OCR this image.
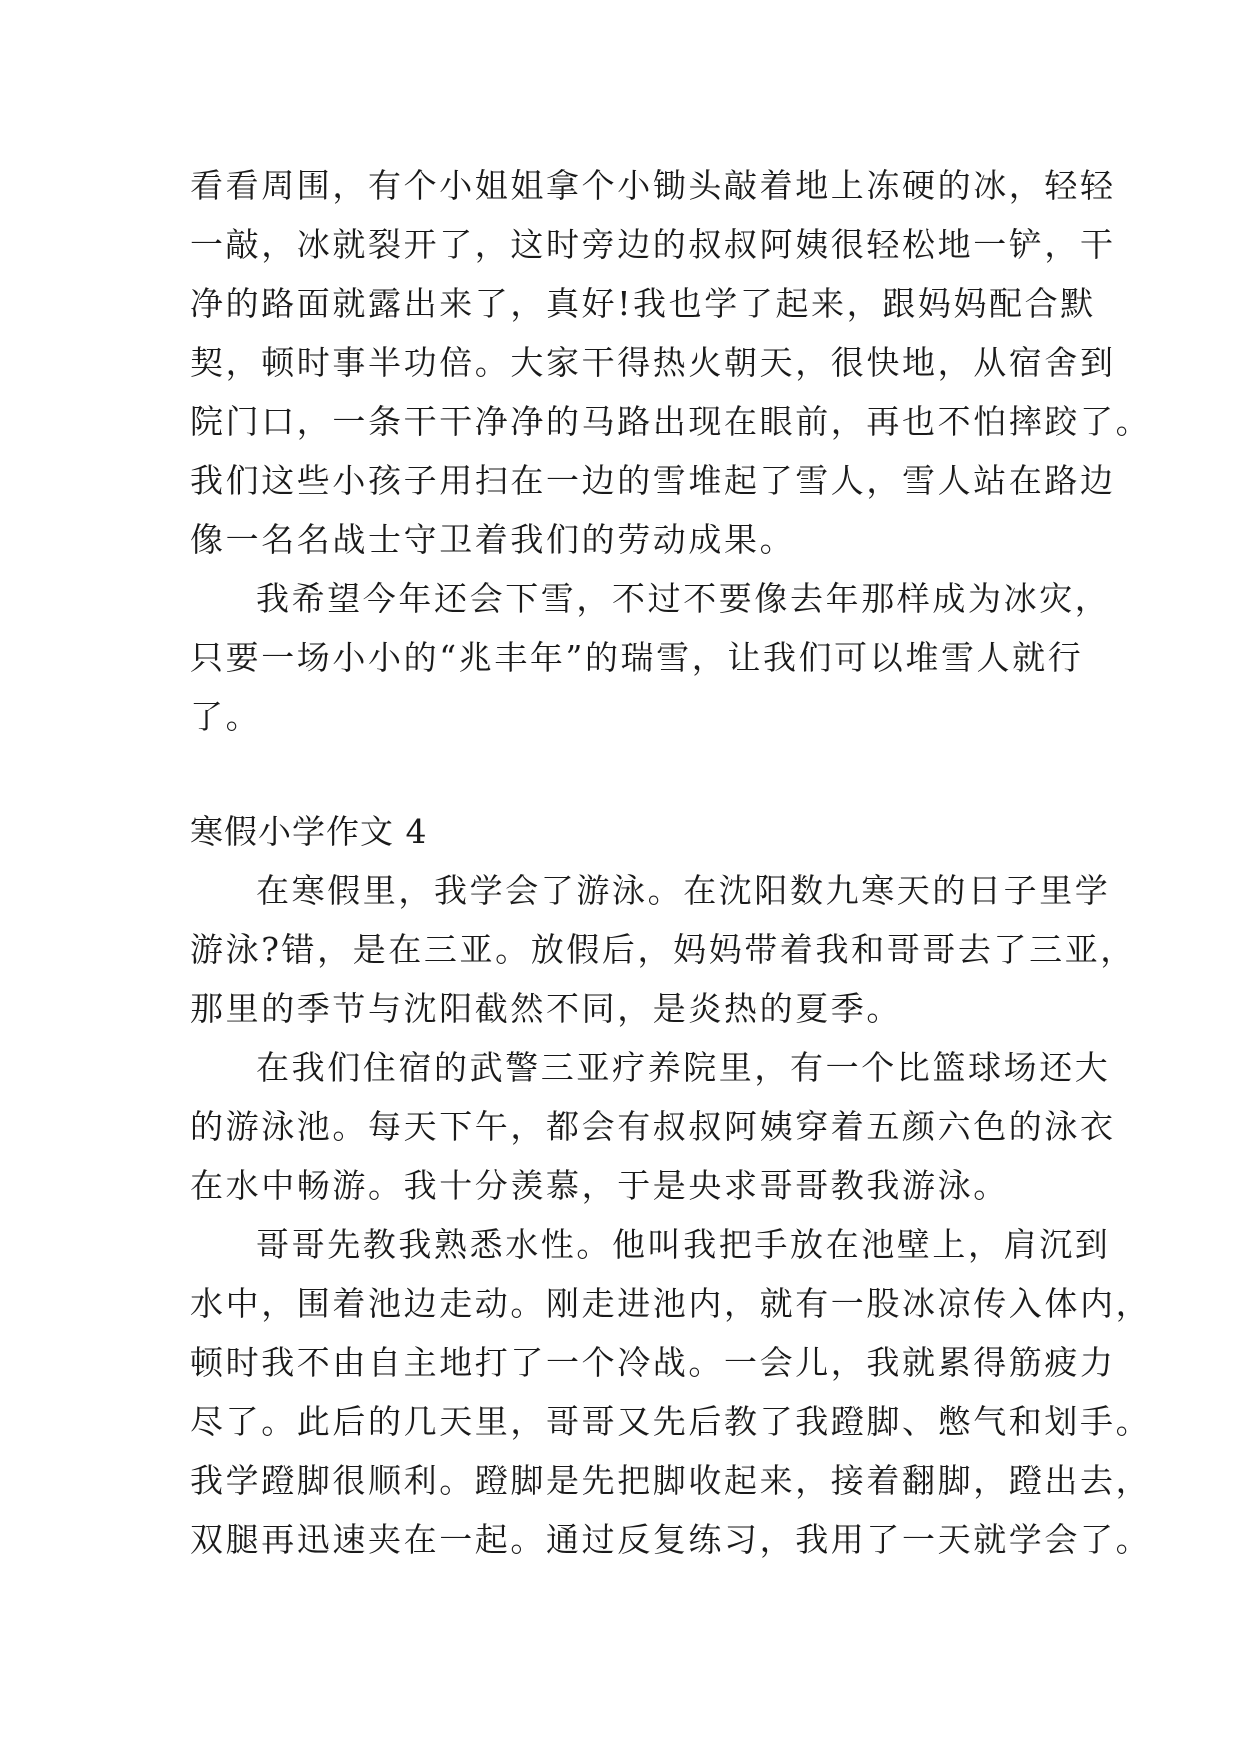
看看周围，有个小姐姐拿个小锄头敲着地上冻硬的冰，轻轻
一敲，冰就裂开了，这时旁边的叔叔阿姨很轻松地一铲，干
净的路面就露出来了，真好!我也学了起来，跟妈妈配合默
契，顿时事半功倍。大家干得热火朝天，很快地，从宿舍到
院门口，一条干干净净的马路出现在眼前，再也不怕摔跤了。
我们这些小孩子用扫在一边的雪堆起了雪人，雪人站在路边
像一名名战士守卫着我们的劳动成果。
我希望今年还会下雪，不过不要像去年那样成为冰灾，
只要一场小小的“兆丰年”的瑞雪，让我们可以堆雪人就行
了。
寒假小学作文 4
在寒假里，我学会了游泳。在沈阳数九寒天的日子里学
游泳?错，是在三亚。放假后，妈妈带着我和哥哥去了三亚，
那里的季节与沈阳截然不同，是炎热的夏季。
在我们住宿的武警三亚疗养院里，有一个比篮球场还大
的游泳池。每天下午，都会有叔叔阿姨穿着五颜六色的泳衣
在水中畅游。我十分羡慕，于是央求哥哥教我游泳。
哥哥先教我熟悉水性。他叫我把手放在池壁上，肩沉到
水中，围着池边走动。刚走进池内，就有一股冰凉传入体内，
顿时我不由自主地打了一个冷战。一会儿，我就累得筋疲力
尽了。此后的几天里，哥哥又先后教了我蹬脚、憋气和划手。
我学蹬脚很顺利。蹬脚是先把脚收起来，接着翻脚，蹬出去，
双腿再迅速夹在一起。通过反复练习，我用了一天就学会了。
